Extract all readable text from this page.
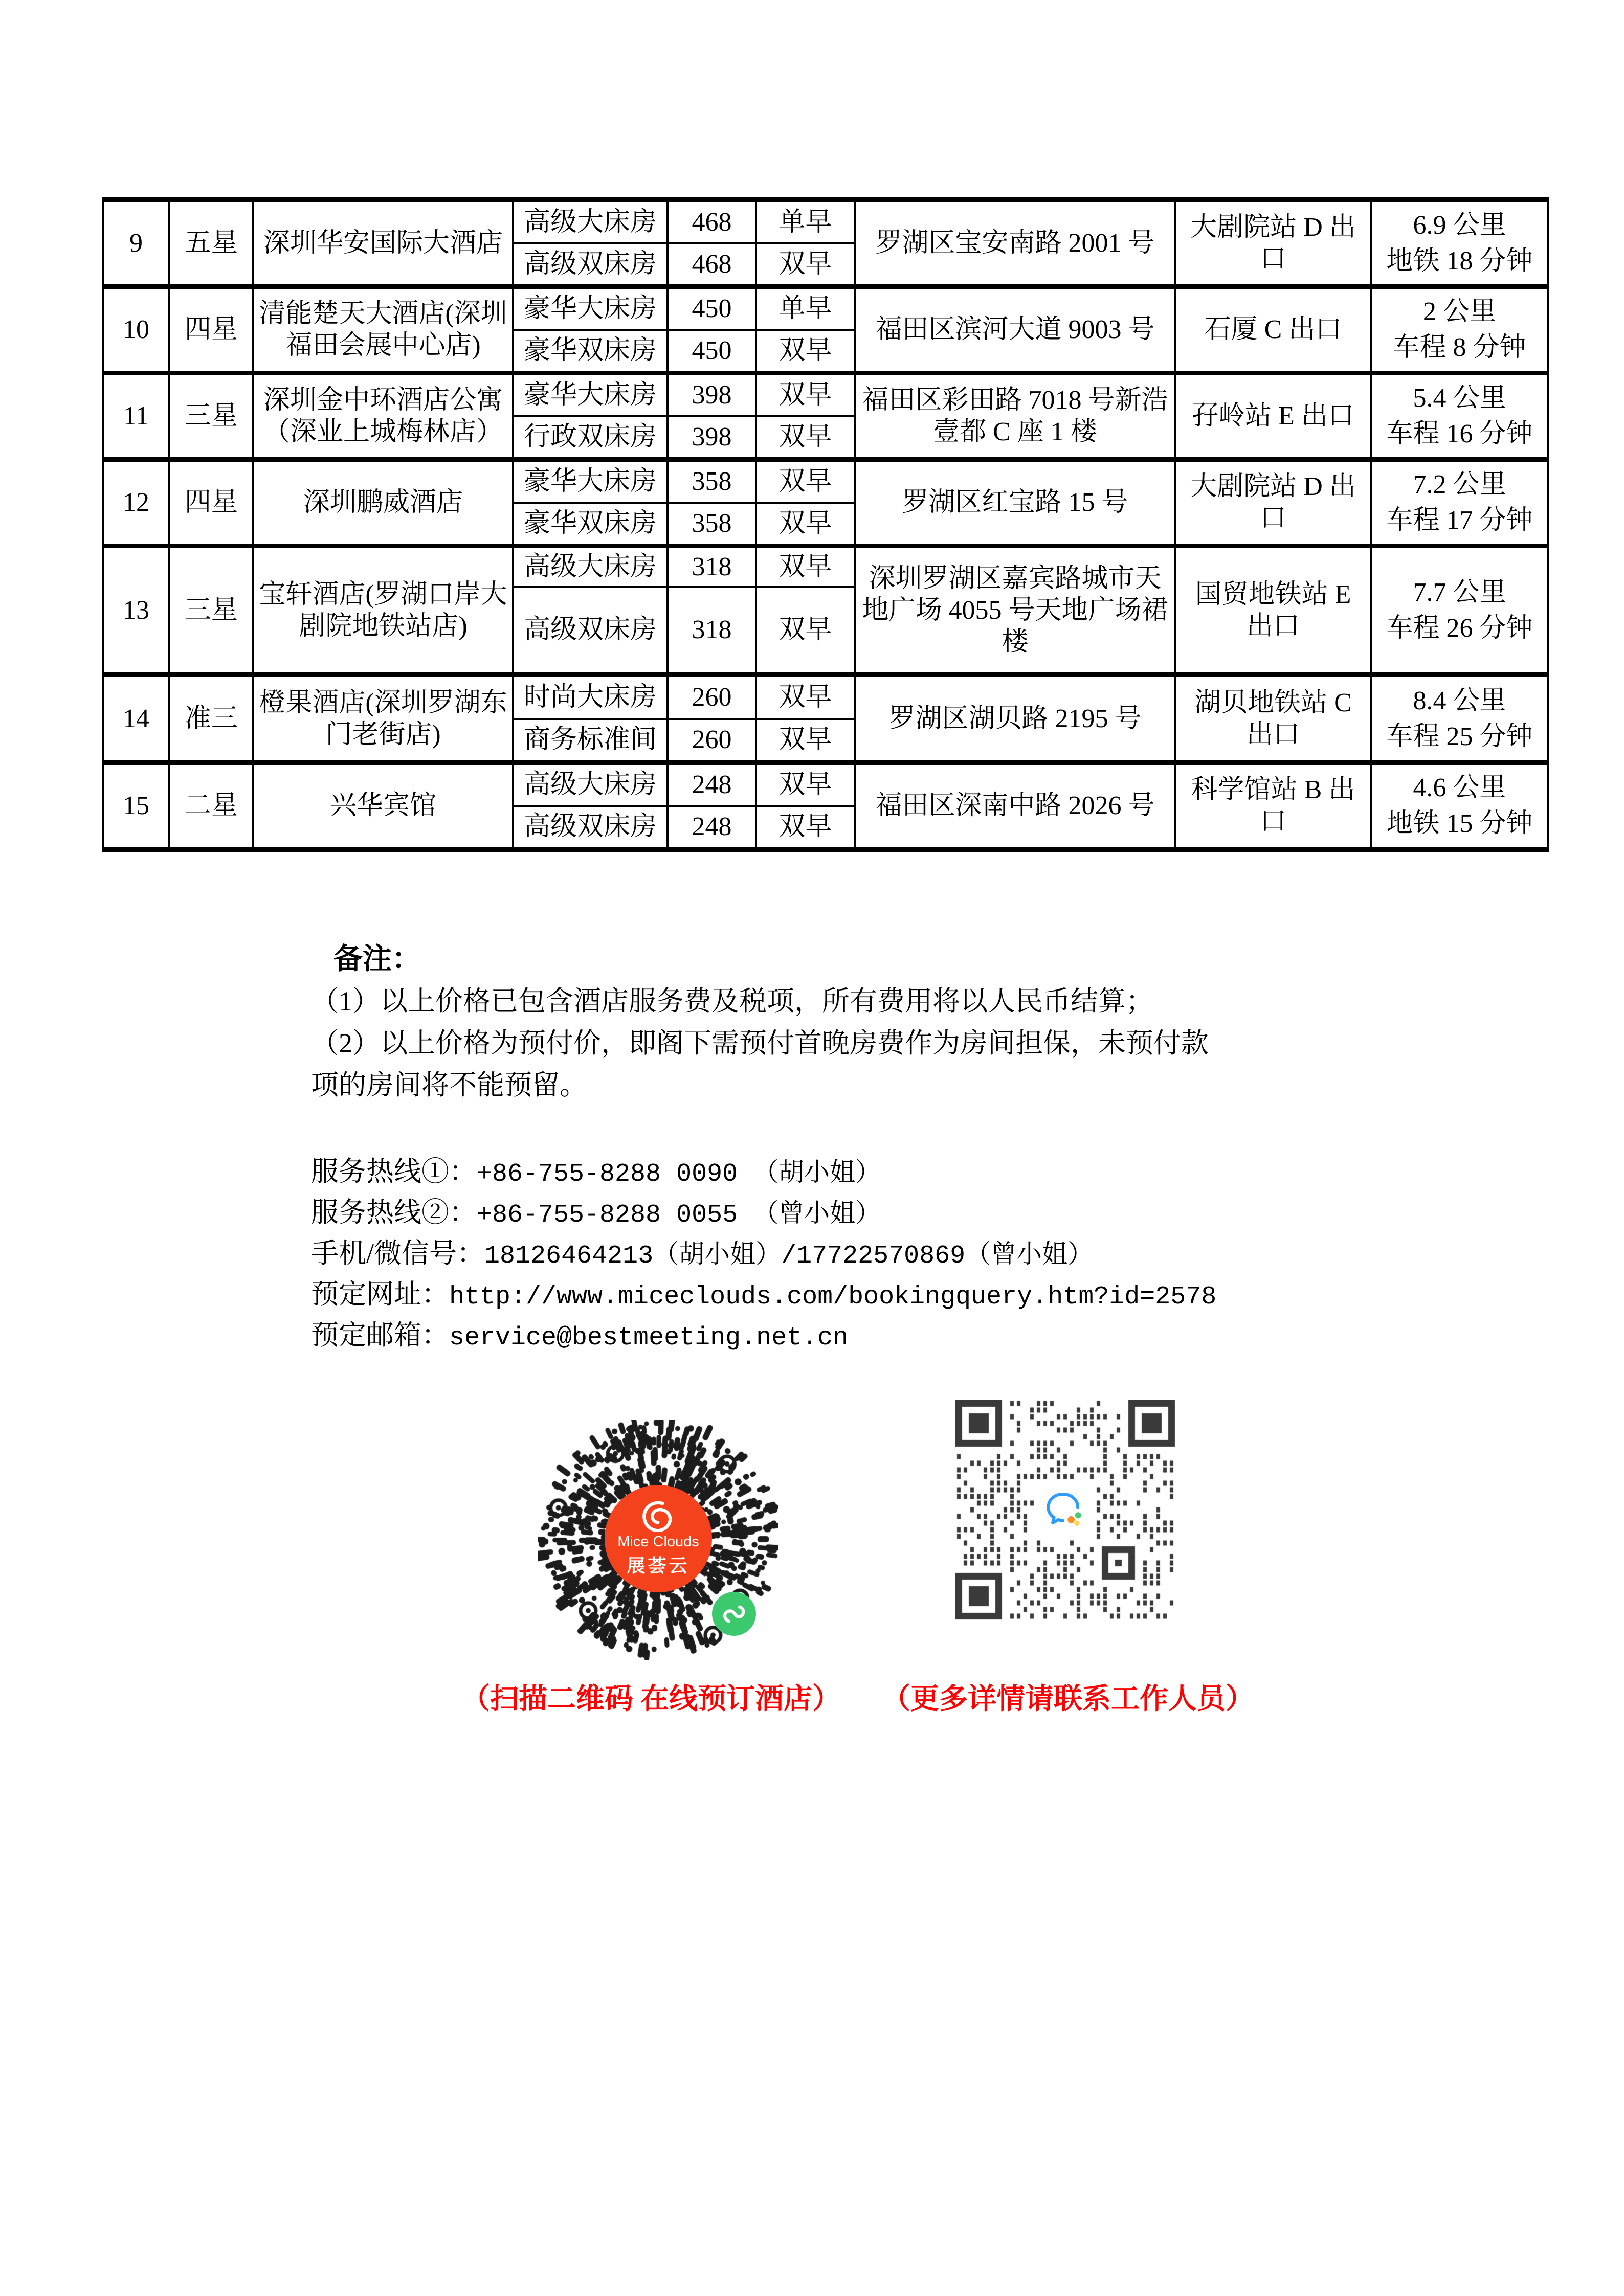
9	五星	深圳华安国际大酒店	高级大床房	468	单早	罗湖区宝安南路 2001 号	大剧院站 D 出口	6.9 公里
地铁 18 分钟

			高级双床房	468	双早			
10	四星	清能楚天大酒店(深圳福田会展中心店)	豪华大床房	450	单早	福田区滨河大道 9003 号	石厦 C 出口	2 公里
车程 8 分钟

			豪华双床房	450	双早			
11	三星	深圳金中环酒店公寓（深业上城梅林店）	豪华大床房	398	双早	福田区彩田路 7018 号新浩壹都 C 座 1 楼	孖岭站 E 出口	5.4 公里
车程 16 分钟

			行政双床房	398	双早			
12	四星	深圳鹏威酒店	豪华大床房	358	双早	罗湖区红宝路 15 号	大剧院站 D 出口	7.2 公里
车程 17 分钟

			豪华双床房	358	双早			
13	三星	宝轩酒店(罗湖口岸大剧院地铁站店)	高级大床房	318	双早	深圳罗湖区嘉宾路城市天地广场 4055 号天地广场裙楼	国贸地铁站 E 出口	7.7 公里
车程 26 分钟

			高级双床房	318	双早			
14	准三	橙果酒店(深圳罗湖东门老街店)	时尚大床房	260	双早	罗湖区湖贝路 2195 号	湖贝地铁站 C 出口	8.4 公里
车程 25 分钟

			商务标准间	260	双早			
15	二星	兴华宾馆	高级大床房	248	双早	福田区深南中路 2026 号	科学馆站 B 出口	4.6 公里
地铁 15 分钟

			高级双床房	248	双早			
备注：
（1）以上价格已包含酒店服务费及税项，所有费用将以人民币结算；
（2）以上价格为预付价，即阁下需预付首晚房费作为房间担保，未预付款
项的房间将不能预留。
服务热线①：+86-755-8288 0090 （胡小姐）
服务热线②：+86-755-8288 0055 （曾小姐）
手机/微信号：18126464213（胡小姐）/17722570869（曾小姐）
预定网址：http://www.miceclouds.com/bookingquery.htm?id=2578
预定邮箱：service@bestmeeting.net.cn
Mice Clouds
展荟云
（扫描二维码 在线预订酒店） （更多详情请联系工作人员）
